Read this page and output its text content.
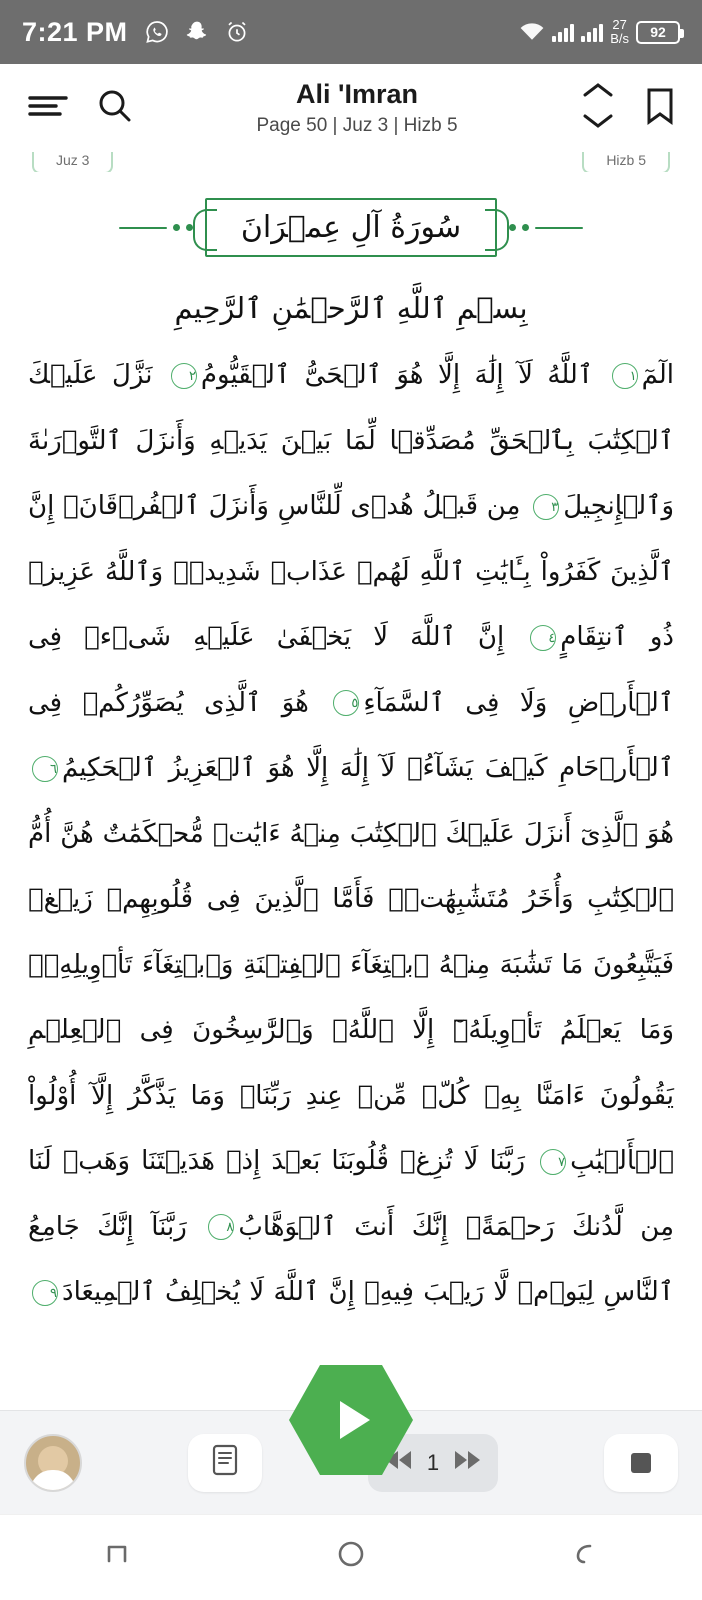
7:21 PM	27
B/s	92
Ali 'Imran
Page 50 | Juz 3 | Hizb 5
Juz 3	Hizb 5
سُورَةُ آلِ عِمۡرَانَ
بِسۡمِ ٱللَّهِ ٱلرَّحۡمَٰنِ ٱلرَّحِيمِ
الٓمٓ١ ٱللَّهُ لَآ إِلَٰهَ إِلَّا هُوَ ٱلۡحَىُّ ٱلۡقَيُّومُ٢ نَزَّلَ عَلَيۡكَ ٱلۡكِتَٰبَ بِٱلۡحَقِّ مُصَدِّقࣰا لِّمَا بَيۡنَ يَدَيۡهِ وَأَنزَلَ ٱلتَّوۡرَىٰةَ وَٱلۡإِنجِيلَ٣ مِن قَبۡلُ هُدࣰى لِّلنَّاسِ وَأَنزَلَ ٱلۡفُرۡقَانَۗ إِنَّ ٱلَّذِينَ كَفَرُواْ بِـَٔايَٰتِ ٱللَّهِ لَهُمۡ عَذَابࣱ شَدِيدࣱۗ وَٱللَّهُ عَزِيزࣱ ذُو ٱنتِقَامٍ٤ إِنَّ ٱللَّهَ لَا يَخۡفَىٰ عَلَيۡهِ شَىۡءࣱ فِى ٱلۡأَرۡضِ وَلَا فِى ٱلسَّمَآءِ٥ هُوَ ٱلَّذِى يُصَوِّرُكُمۡ فِى ٱلۡأَرۡحَامِ كَيۡفَ يَشَآءُۚ لَآ إِلَٰهَ إِلَّا هُوَ ٱلۡعَزِيزُ ٱلۡحَكِيمُ٦ هُوَ ٱلَّذِىٓ أَنزَلَ عَلَيۡكَ ٱلۡكِتَٰبَ مِنۡهُ ءَايَٰتࣱ مُّحۡكَمَٰتٌ هُنَّ أُمُّ ٱلۡكِتَٰبِ وَأُخَرُ مُتَشَٰبِهَٰتࣱۖ فَأَمَّا ٱلَّذِينَ فِى قُلُوبِهِمۡ زَيۡغࣱ فَيَتَّبِعُونَ مَا تَشَٰبَهَ مِنۡهُ ٱبۡتِغَآءَ ٱلۡفِتۡنَةِ وَٱبۡتِغَآءَ تَأۡوِيلِهِۦۗ وَمَا يَعۡلَمُ تَأۡوِيلَهُۥٓ إِلَّا ٱللَّهُۗ وَٱلرَّٰسِخُونَ فِى ٱلۡعِلۡمِ يَقُولُونَ ءَامَنَّا بِهِۦ كُلࣱّ مِّنۡ عِندِ رَبِّنَاۗ وَمَا يَذَّكَّرُ إِلَّآ أُوْلُواْ ٱلۡأَلۡبَٰبِ٧ رَبَّنَا لَا تُزِغۡ قُلُوبَنَا بَعۡدَ إِذۡ هَدَيۡتَنَا وَهَبۡ لَنَا مِن لَّدُنكَ رَحۡمَةًۚ إِنَّكَ أَنتَ ٱلۡوَهَّابُ٨ رَبَّنَآ إِنَّكَ جَامِعُ ٱلنَّاسِ لِيَوۡمࣲ لَّا رَيۡبَ فِيهِۚ إِنَّ ٱللَّهَ لَا يُخۡلِفُ ٱلۡمِيعَادَ٩
1
